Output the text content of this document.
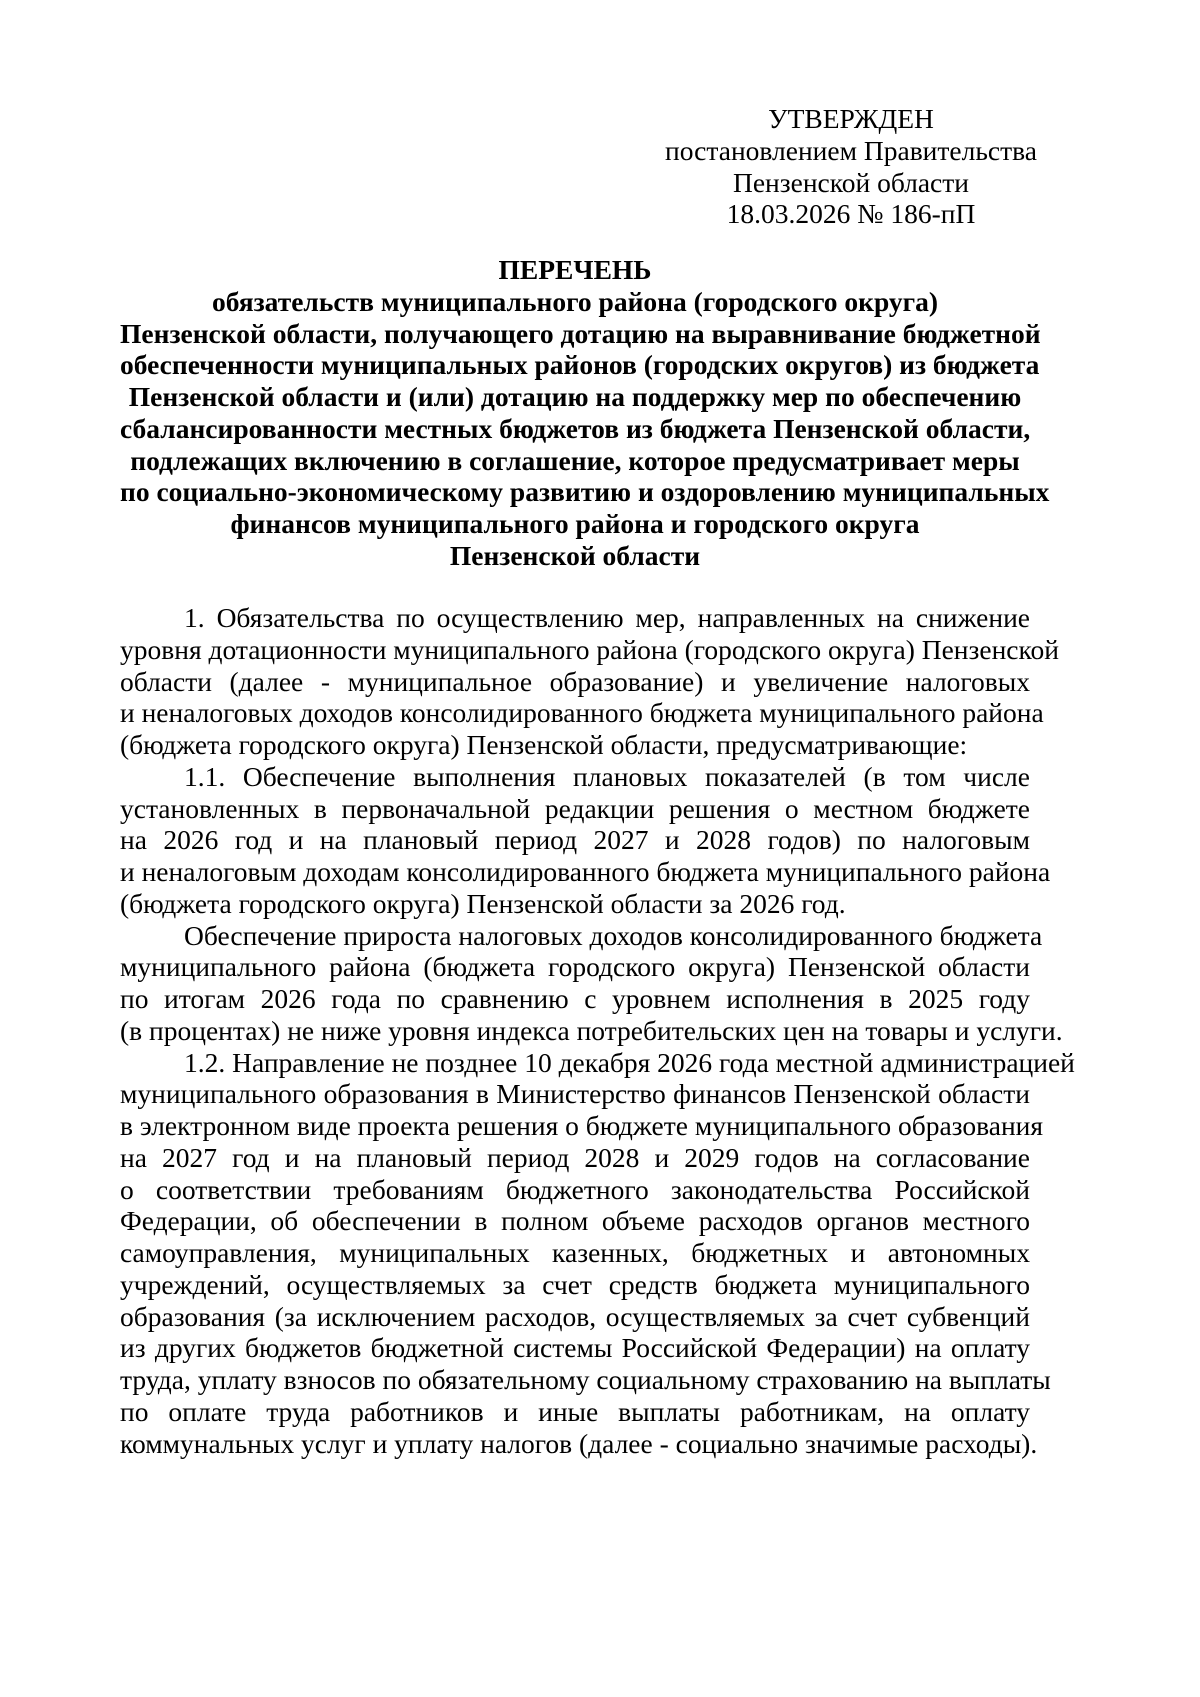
УТВЕРЖДЕН
постановлением Правительства
Пензенской области
18.03.2026 № 186-пП
ПЕРЕЧЕНЬ
обязательств муниципального района (городского округа)
Пензенской области, получающего дотацию на выравнивание бюджетной
обеспеченности муниципальных районов (городских округов) из бюджета
Пензенской области и (или) дотацию на поддержку мер по обеспечению
сбалансированности местных бюджетов из бюджета Пензенской области,
подлежащих включению в соглашение, которое предусматривает меры
по социально-экономическому развитию и оздоровлению муниципальных
финансов муниципального района и городского округа
Пензенской области
1. Обязательства по осуществлению мер, направленных на снижение
уровня дотационности муниципального района (городского округа) Пензенской
области (далее - муниципальное образование) и увеличение налоговых
и неналоговых доходов консолидированного бюджета муниципального района
(бюджета городского округа) Пензенской области, предусматривающие:
1.1. Обеспечение выполнения плановых показателей (в том числе
установленных в первоначальной редакции решения о местном бюджете
на 2026 год и на плановый период 2027 и 2028 годов) по налоговым
и неналоговым доходам консолидированного бюджета муниципального района
(бюджета городского округа) Пензенской области за 2026 год.
Обеспечение прироста налоговых доходов консолидированного бюджета
муниципального района (бюджета городского округа) Пензенской области
по итогам 2026 года по сравнению с уровнем исполнения в 2025 году
(в процентах) не ниже уровня индекса потребительских цен на товары и услуги.
1.2. Направление не позднее 10 декабря 2026 года местной администрацией
муниципального образования в Министерство финансов Пензенской области
в электронном виде проекта решения о бюджете муниципального образования
на 2027 год и на плановый период 2028 и 2029 годов на согласование
о соответствии требованиям бюджетного законодательства Российской
Федерации, об обеспечении в полном объеме расходов органов местного
самоуправления, муниципальных казенных, бюджетных и автономных
учреждений, осуществляемых за счет средств бюджета муниципального
образования (за исключением расходов, осуществляемых за счет субвенций
из других бюджетов бюджетной системы Российской Федерации) на оплату
труда, уплату взносов по обязательному социальному страхованию на выплаты
по оплате труда работников и иные выплаты работникам, на оплату
коммунальных услуг и уплату налогов (далее - социально значимые расходы).
